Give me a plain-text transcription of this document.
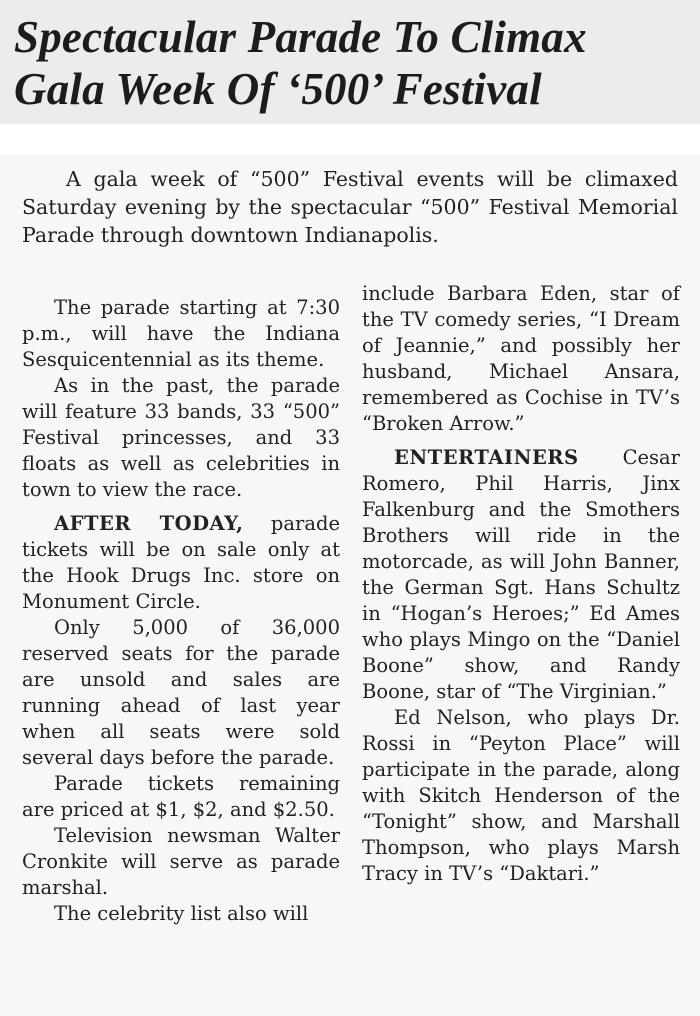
Spectacular Parade To Climax
Gala Week Of ‘500’ Festival

A gala week of “500” Festival events will be climaxed Saturday evening by the spectacular “500” Festival Memorial Parade through downtown Indianapolis.

The parade starting at 7:30 p.m., will have the Indiana Sesquicentennial as its theme.

As in the past, the parade will feature 33 bands, 33 “500” Festival princesses, and 33 floats as well as celebrities in town to view the race.

AFTER TODAY, parade tickets will be on sale only at the Hook Drugs Inc. store on Monument Circle.

Only 5,000 of 36,000 reserved seats for the parade are unsold and sales are running ahead of last year when all seats were sold several days before the parade.

Parade tickets remaining are priced at $1, $2, and $2.50.

Television newsman Walter Cronkite will serve as parade marshal.

The celebrity list also will

include Barbara Eden, star of the TV comedy series, “I Dream of Jeannie,” and possibly her husband, Michael Ansara, remembered as Cochise in TV’s “Broken Arrow.”

ENTERTAINERS Cesar Romero, Phil Harris, Jinx Falkenburg and the Smothers Brothers will ride in the motorcade, as will John Banner, the German Sgt. Hans Schultz in “Hogan’s Heroes;” Ed Ames who plays Mingo on the “Daniel Boone” show, and Randy Boone, star of “The Virginian.”

Ed Nelson, who plays Dr. Rossi in “Peyton Place” will participate in the parade, along with Skitch Henderson of the “Tonight” show, and Marshall Thompson, who plays Marsh Tracy in TV’s “Daktari.”
